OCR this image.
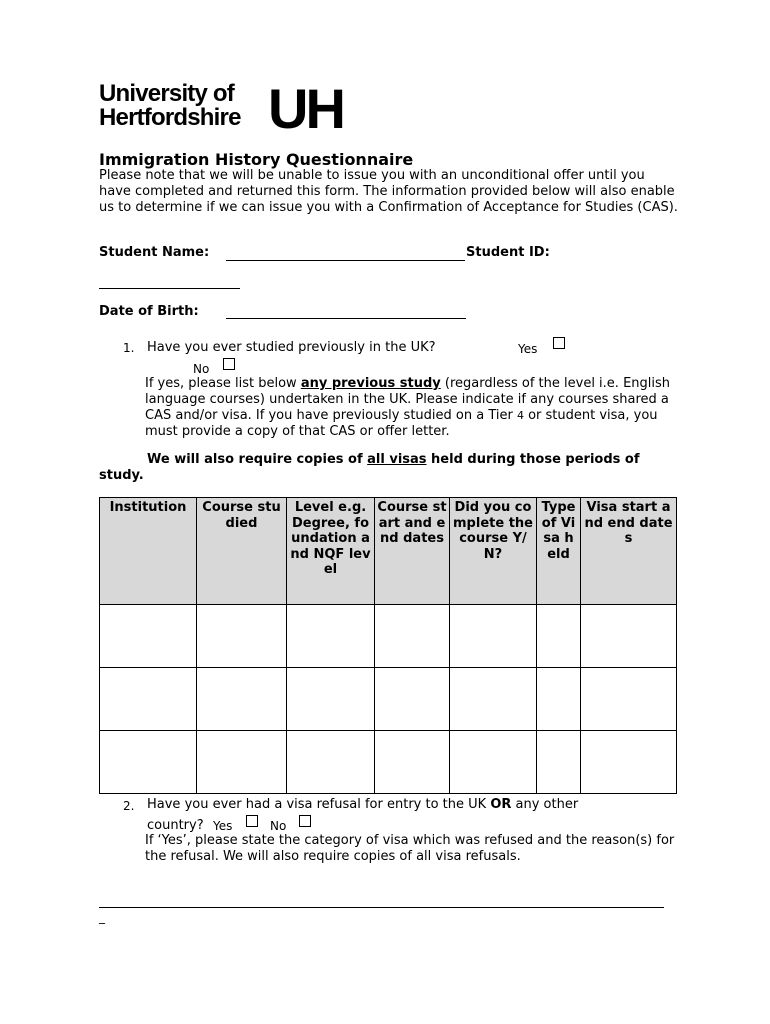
University of
Hertfordshire UH
Immigration History Questionnaire
Please note that we will be unable to issue you with an unconditional offer until you have completed and returned this form. The information provided below will also enable us to determine if we can issue you with a Confirmation of Acceptance for Studies (CAS).
Student Name:	Student ID:
Date of Birth:
1. Have you ever studied previously in the UK?	Yes
No
If yes, please list below any previous study (regardless of the level i.e. English language courses) undertaken in the UK. Please indicate if any courses shared a CAS and/or visa. If you have previously studied on a Tier 4 or student visa, you must provide a copy of that CAS or offer letter.
We will also require copies of all visas held during those periods of study.
Institution	Course studied	Level e.g. Degree, foundation and NQF level	Course start and end dates	Did you complete the course Y/N?	Type of Visa held	Visa start and end dates

2. Have you ever had a visa refusal for entry to the UK OR any other
country? Yes	No
If ‘Yes’, please state the category of visa which was refused and the reason(s) for the refusal. We will also require copies of all visa refusals.
_
